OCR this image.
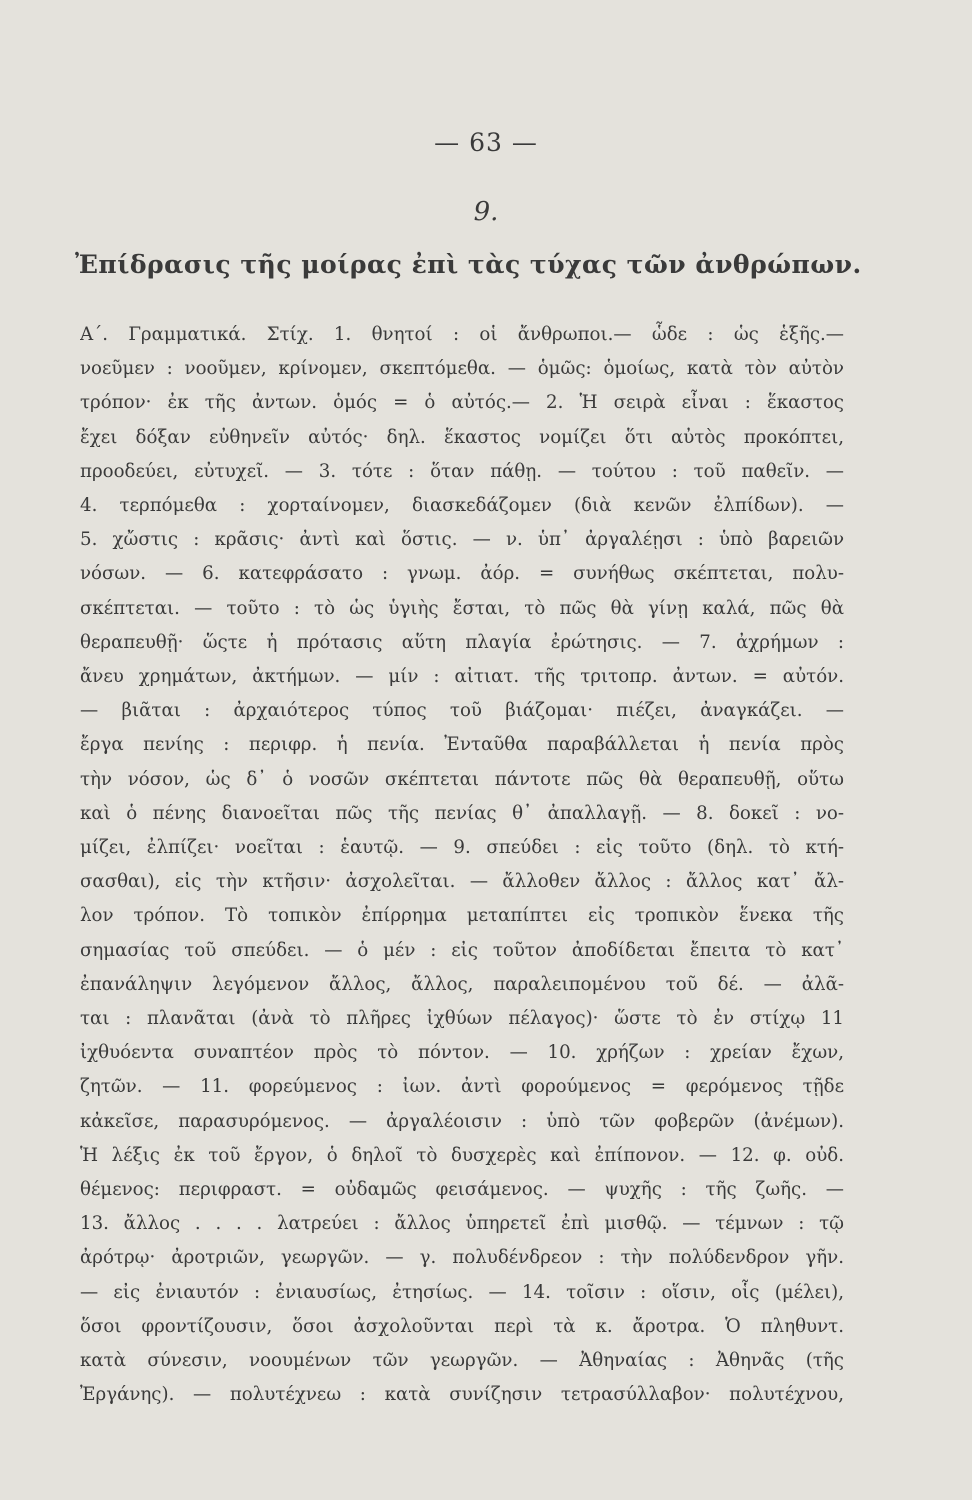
— 63 —
9.
Ἐπίδρασις τῆς μοίρας ἐπὶ τὰς τύχας τῶν ἀνθρώπων.
Α΄. Γραμματικά. Στίχ. 1. θνητοί : οἱ ἄνθρωποι.— ὧδε : ὡς ἑξῆς.—
νοεῦμεν : νοοῦμεν, κρίνομεν, σκεπτόμεθα. — ὁμῶς: ὁμοίως, κατὰ τὸν αὐτὸν
τρόπον· ἐκ τῆς ἀντων. ὁμός = ὁ αὐτός.— 2. Ἡ σειρὰ εἶναι : ἕκαστος
ἔχει δόξαν εὐθηνεῖν αὐτός· δηλ. ἕκαστος νομίζει ὅτι αὐτὸς προκόπτει,
προοδεύει, εὐτυχεῖ. — 3. τότε : ὅταν πάθῃ. — τούτου : τοῦ παθεῖν. —
4. τερπόμεθα : χορταίνομεν, διασκεδάζομεν (διὰ κενῶν ἐλπίδων). —
5. χὤστις : κρᾶσις· ἀντὶ καὶ ὅστις. — ν. ὑπ᾽ ἀργαλέῃσι : ὑπὸ βαρειῶν
νόσων. — 6. κατεφράσατο : γνωμ. ἀόρ. = συνήθως σκέπτεται, πολυ-
σκέπτεται. — τοῦτο : τὸ ὡς ὑγιὴς ἔσται, τὸ πῶς θὰ γίνῃ καλά, πῶς θὰ
θεραπευθῇ· ὥςτε ἡ πρότασις αὕτη πλαγία ἐρώτησις. — 7. ἀχρήμων :
ἄνευ χρημάτων, ἀκτήμων. — μίν : αἰτιατ. τῆς τριτοπρ. ἀντων. = αὐτόν.
— βιᾶται : ἀρχαιότερος τύπος τοῦ βιάζομαι· πιέζει, ἀναγκάζει. —
ἔργα πενίης : περιφρ. ἡ πενία. Ἐνταῦθα παραβάλλεται ἡ πενία πρὸς
τὴν νόσον, ὡς δ᾽ ὁ νοσῶν σκέπτεται πάντοτε πῶς θὰ θεραπευθῇ, οὕτω
καὶ ὁ πένης διανοεῖται πῶς τῆς πενίας θ᾽ ἀπαλλαγῇ. — 8. δοκεῖ : νο-
μίζει, ἐλπίζει· νοεῖται : ἑαυτῷ. — 9. σπεύδει : εἰς τοῦτο (δηλ. τὸ κτή-
σασθαι), εἰς τὴν κτῆσιν· ἀσχολεῖται. — ἄλλοθεν ἄλλος : ἄλλος κατ᾽ ἄλ-
λον τρόπον. Τὸ τοπικὸν ἐπίρρημα μεταπίπτει εἰς τροπικὸν ἕνεκα τῆς
σημασίας τοῦ σπεύδει. — ὁ μέν : εἰς τοῦτον ἀποδίδεται ἔπειτα τὸ κατ᾽
ἐπανάληψιν λεγόμενον ἄλλος, ἄλλος, παραλειπομένου τοῦ δέ. — ἀλᾶ-
ται : πλανᾶται (ἀνὰ τὸ πλῆρες ἰχθύων πέλαγος)· ὥστε τὸ ἐν στίχῳ 11
ἰχθυόεντα συναπτέον πρὸς τὸ πόντον. — 10. χρήζων : χρείαν ἔχων,
ζητῶν. — 11. φορεύμενος : ἰων. ἀντὶ φορούμενος = φερόμενος τῇδε
κἀκεῖσε, παρασυρόμενος. — ἀργαλέοισιν : ὑπὸ τῶν φοβερῶν (ἀνέμων).
Ἡ λέξις ἐκ τοῦ ἔργον, ὁ δηλοῖ τὸ δυσχερὲς καὶ ἐπίπονον. — 12. φ. οὐδ.
θέμενος: περιφραστ. = οὐδαμῶς φεισάμενος. — ψυχῆς : τῆς ζωῆς. —
13. ἄλλος . . . . λατρεύει : ἄλλος ὑπηρετεῖ ἐπὶ μισθῷ. — τέμνων : τῷ
ἀρότρῳ· ἀροτριῶν, γεωργῶν. — γ. πολυδένδρεον : τὴν πολύδενδρον γῆν.
— εἰς ἐνιαυτόν : ἐνιαυσίως, ἐτησίως. — 14. τοῖσιν : οἵσιν, οἷς (μέλει),
ὅσοι φροντίζουσιν, ὅσοι ἀσχολοῦνται περὶ τὰ κ. ἄροτρα. Ὁ πληθυντ.
κατὰ σύνεσιν, νοουμένων τῶν γεωργῶν. — Ἀθηναίας : Ἀθηνᾶς (τῆς
Ἐργάνης). — πολυτέχνεω : κατὰ συνίζησιν τετρασύλλαβον· πολυτέχνου,
